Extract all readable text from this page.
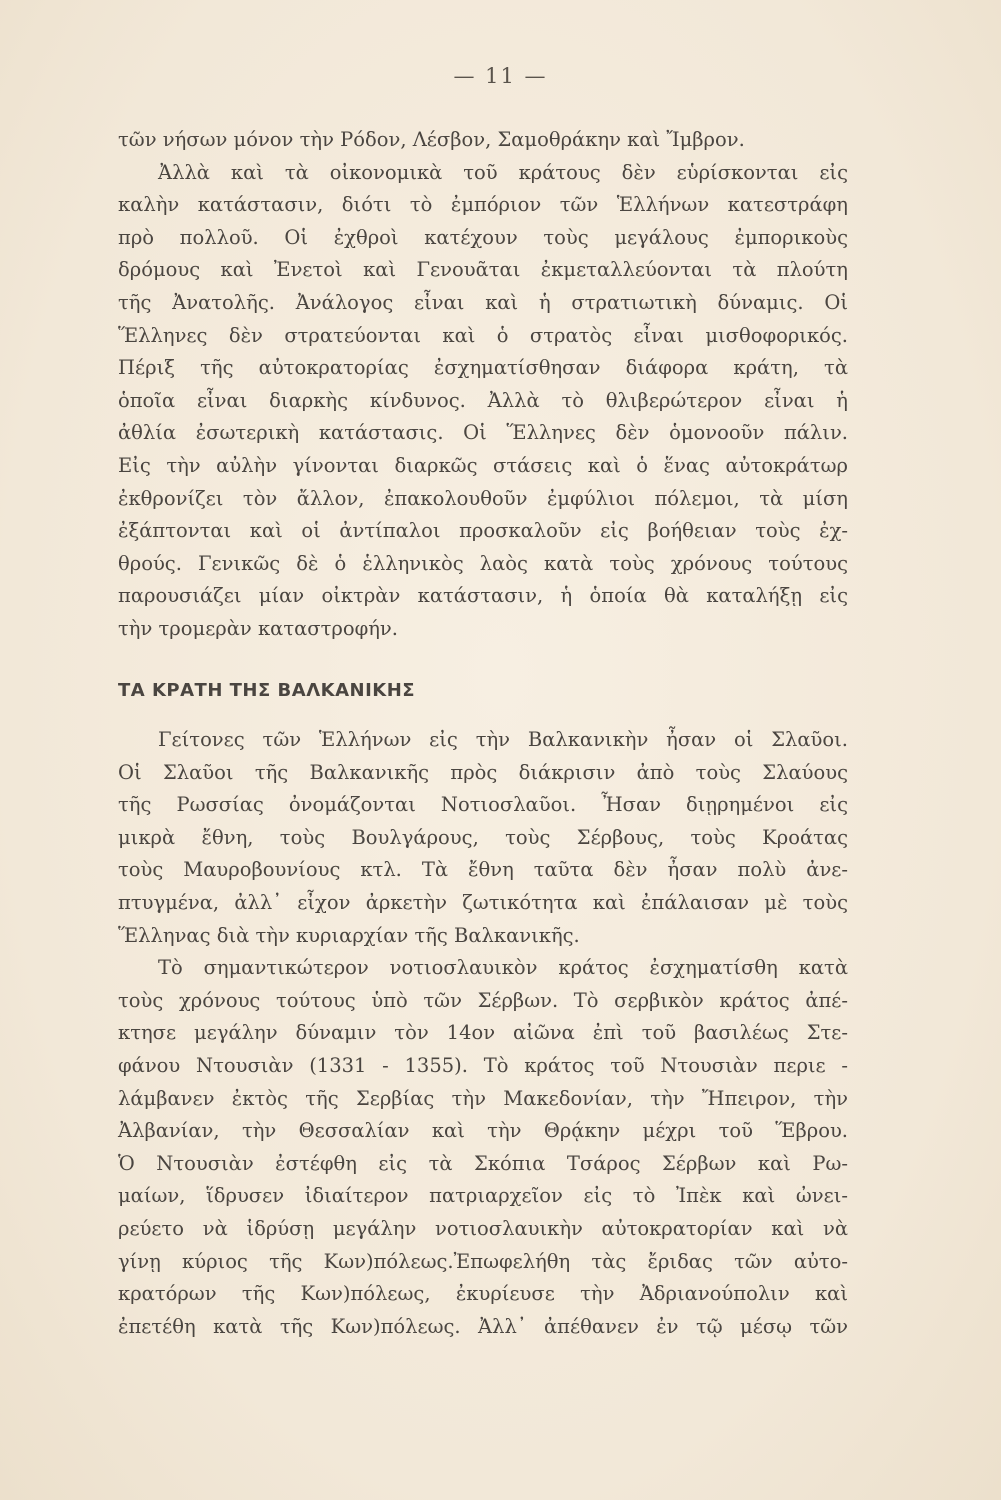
— 11 —
τῶν νήσων μόνον τὴν Ρόδον, Λέσβον, Σαμοθράκην καὶ Ἴμβρον.
Ἀλλὰ καὶ τὰ οἰκονομικὰ τοῦ κράτους δὲν εὑρίσκονται εἰς
καλὴν κατάστασιν, διότι τὸ ἐμπόριον τῶν Ἑλλήνων κατεστράφη
πρὸ πολλοῦ. Οἱ ἐχθροὶ κατέχουν τοὺς μεγάλους ἐμπορικοὺς
δρόμους καὶ Ἐνετοὶ καὶ Γενουᾶται ἐκμεταλλεύονται τὰ πλούτη
τῆς Ἀνατολῆς. Ἀνάλογος εἶναι καὶ ἡ στρατιωτικὴ δύναμις. Οἱ
Ἕλληνες δὲν στρατεύονται καὶ ὁ στρατὸς εἶναι μισθοφορικός.
Πέριξ τῆς αὐτοκρατορίας ἐσχηματίσθησαν διάφορα κράτη, τὰ
ὁποῖα εἶναι διαρκὴς κίνδυνος. Ἀλλὰ τὸ θλιβερώτερον εἶναι ἡ
ἀθλία ἐσωτερικὴ κατάστασις. Οἱ Ἕλληνες δὲν ὁμονοοῦν πάλιν.
Εἰς τὴν αὐλὴν γίνονται διαρκῶς στάσεις καὶ ὁ ἕνας αὐτοκράτωρ
ἐκθρονίζει τὸν ἄλλον, ἐπακολουθοῦν ἐμφύλιοι πόλεμοι, τὰ μίση
ἐξάπτονται καὶ οἱ ἀντίπαλοι προσκαλοῦν εἰς βοήθειαν τοὺς ἐχ-
θρούς. Γενικῶς δὲ ὁ ἑλληνικὸς λαὸς κατὰ τοὺς χρόνους τούτους
παρουσιάζει μίαν οἰκτρὰν κατάστασιν, ἡ ὁποία θὰ καταλήξῃ εἰς
τὴν τρομερὰν καταστροφήν.
ΤΑ ΚΡΑΤΗ ΤΗΣ ΒΑΛΚΑΝΙΚΗΣ
Γείτονες τῶν Ἑλλήνων εἰς τὴν Βαλκανικὴν ἦσαν οἱ Σλαῦοι.
Οἱ Σλαῦοι τῆς Βαλκανικῆς πρὸς διάκρισιν ἀπὸ τοὺς Σλαύους
τῆς Ρωσσίας ὀνομάζονται Νοτιοσλαῦοι. Ἦσαν διῃρημένοι εἰς
μικρὰ ἔθνη, τοὺς Βουλγάρους, τοὺς Σέρβους, τοὺς Κροάτας
τοὺς Μαυροβουνίους κτλ. Τὰ ἔθνη ταῦτα δὲν ἦσαν πολὺ ἀνε-
πτυγμένα, ἀλλ᾽ εἶχον ἀρκετὴν ζωτικότητα καὶ ἐπάλαισαν μὲ τοὺς
Ἕλληνας διὰ τὴν κυριαρχίαν τῆς Βαλκανικῆς.
Τὸ σημαντικώτερον νοτιοσλαυικὸν κράτος ἐσχηματίσθη κατὰ
τοὺς χρόνους τούτους ὑπὸ τῶν Σέρβων. Τὸ σερβικὸν κράτος ἀπέ-
κτησε μεγάλην δύναμιν τὸν 14ον αἰῶνα ἐπὶ τοῦ βασιλέως Στε-
φάνου Ντουσιὰν (1331 - 1355). Τὸ κράτος τοῦ Ντουσιὰν περιε -
λάμβανεν ἐκτὸς τῆς Σερβίας τὴν Μακεδονίαν, τὴν Ἤπειρον, τὴν
Ἀλβανίαν, τὴν Θεσσαλίαν καὶ τὴν Θρᾴκην μέχρι τοῦ Ἕβρου.
Ὁ Ντουσιὰν ἐστέφθη εἰς τὰ Σκόπια Τσάρος Σέρβων καὶ Ρω-
μαίων, ἵδρυσεν ἰδιαίτερον πατριαρχεῖον εἰς τὸ Ἰπὲκ καὶ ὠνει-
ρεύετο νὰ ἱδρύσῃ μεγάλην νοτιοσλαυικὴν αὐτοκρατορίαν καὶ νὰ
γίνῃ κύριος τῆς Κων)πόλεως.Ἐπωφελήθη τὰς ἔριδας τῶν αὐτο-
κρατόρων τῆς Κων)πόλεως, ἐκυρίευσε τὴν Ἀδριανούπολιν καὶ
ἐπετέθη κατὰ τῆς Κων)πόλεως. Ἀλλ᾽ ἀπέθανεν ἐν τῷ μέσῳ τῶν
